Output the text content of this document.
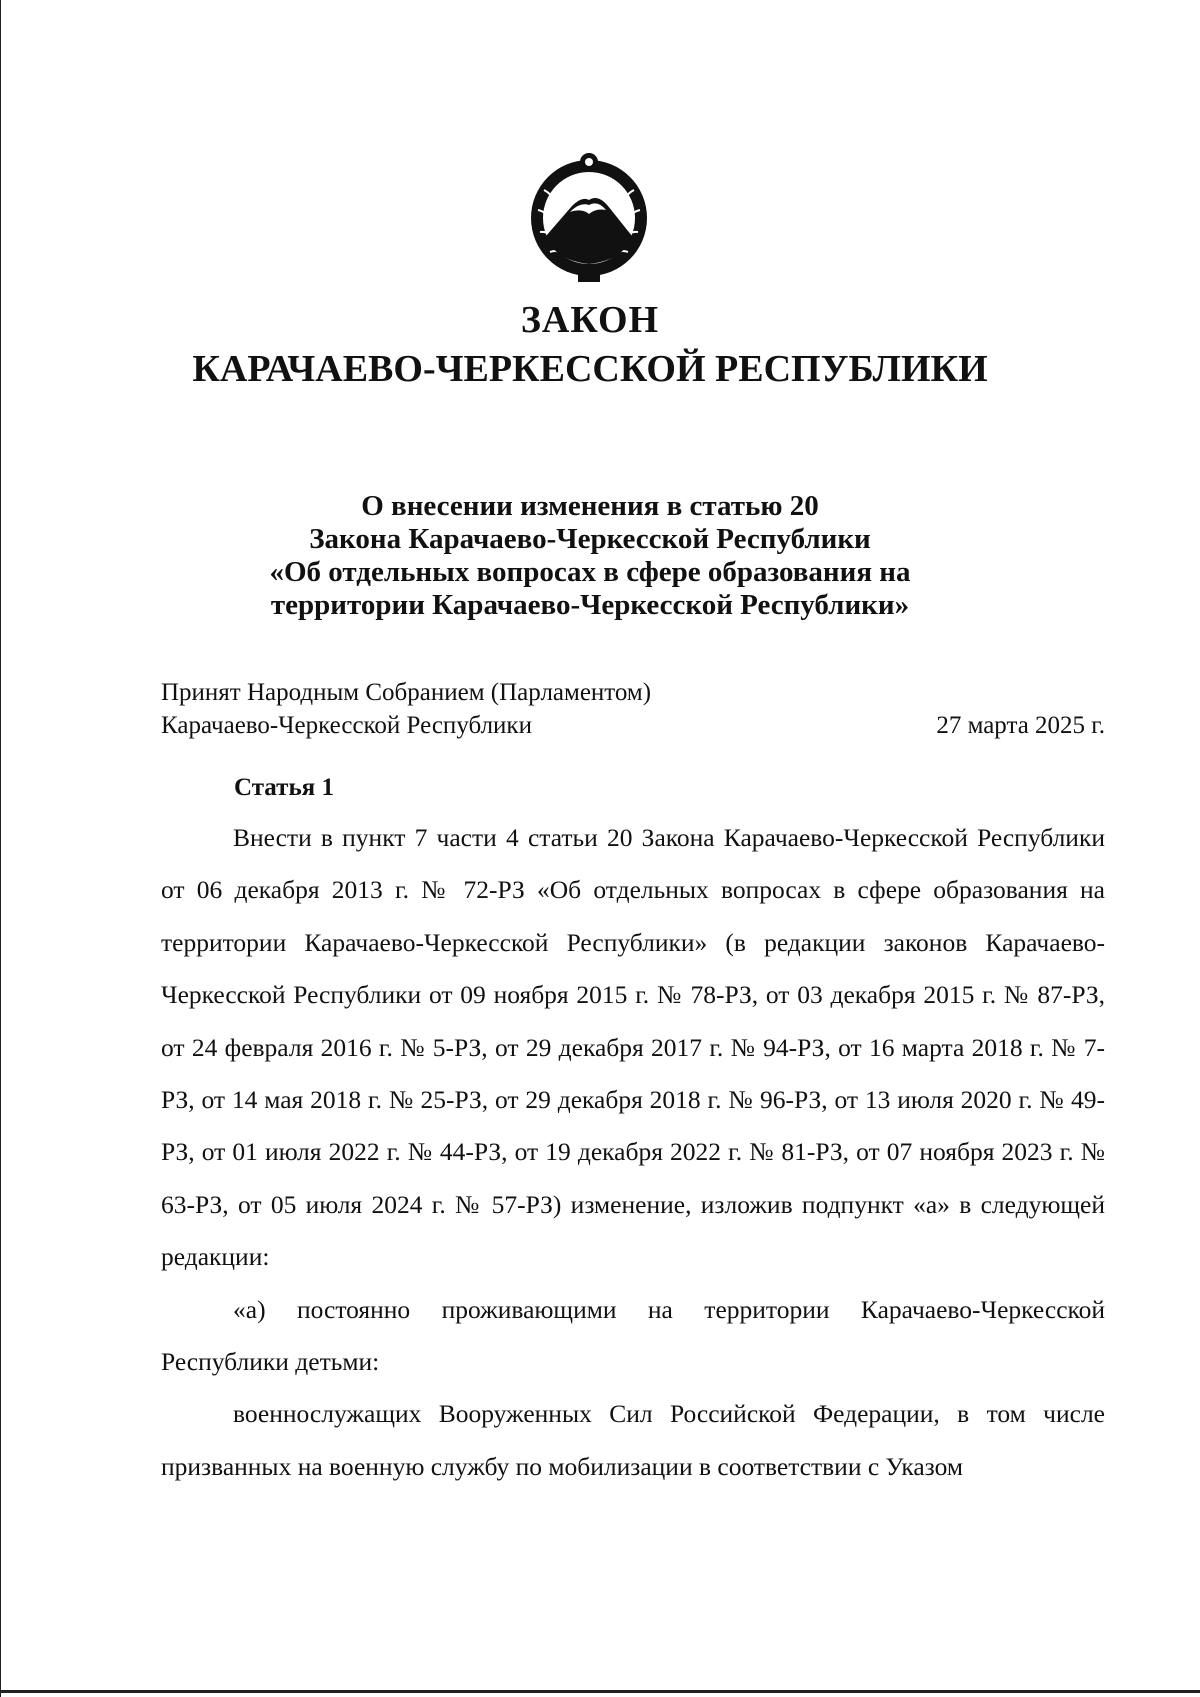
ЗАКОН
КАРАЧАЕВО-ЧЕРКЕССКОЙ РЕСПУБЛИКИ
О внесении изменения в статью 20
Закона Карачаево-Черкесской Республики
«Об отдельных вопросах в сфере образования на
территории Карачаево-Черкесской Республики»
Принят Народным Собранием (Парламентом)
Карачаево-Черкесской Республики	27 марта 2025 г.
Статья 1

Внести в пункт 7 части 4 статьи 20 Закона Карачаево-Черкесской Республики от 06 декабря 2013 г. № 72-РЗ «Об отдельных вопросах в сфере образования на территории Карачаево-Черкесской Республики» (в редакции законов Карачаево-Черкесской Республики от 09 ноября 2015 г. № 78-РЗ, от 03 декабря 2015 г. № 87-РЗ, от 24 февраля 2016 г. № 5-РЗ, от 29 декабря 2017 г. № 94-РЗ, от 16 марта 2018 г. № 7-РЗ, от 14 мая 2018 г. № 25-РЗ, от 29 декабря 2018 г. № 96-РЗ, от 13 июля 2020 г. № 49-РЗ, от 01 июля 2022 г. № 44-РЗ, от 19 декабря 2022 г. № 81-РЗ, от 07 ноября 2023 г. № 63-РЗ, от 05 июля 2024 г. № 57-РЗ) изменение, изложив подпункт «а» в следующей редакции:

«а) постоянно проживающими на территории Карачаево-Черкесской Республики детьми:

военнослужащих Вооруженных Сил Российской Федерации, в том числе призванных на военную службу по мобилизации в соответствии с Указом
